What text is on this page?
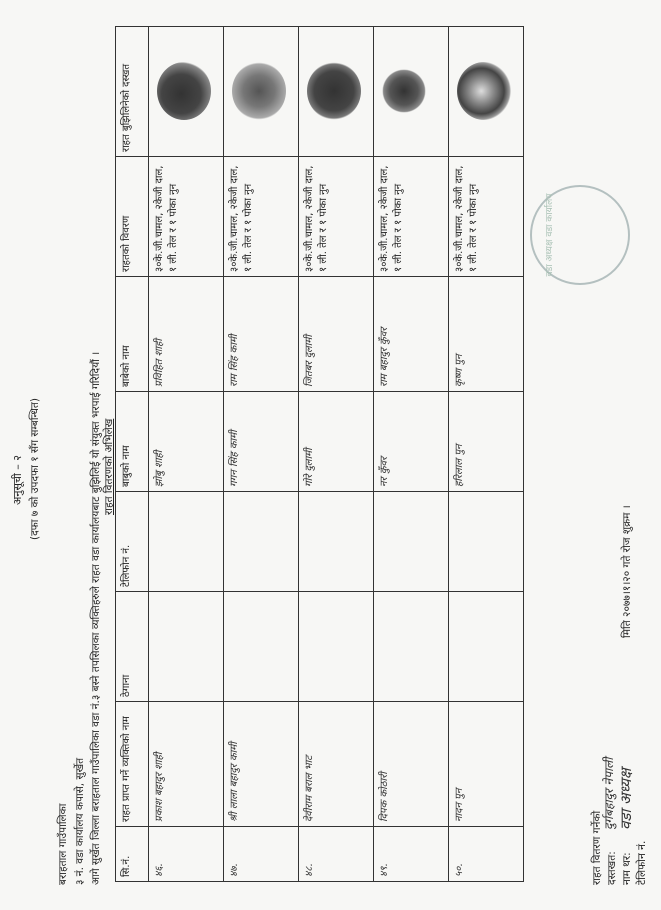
अनुसूची – २ (दफा ७ को उपदफा १ सँग सम्बन्धित)
बराहताल गाउँपालिका ३ नं. वडा कार्यालय कपासे, सुर्खेत आगे सुर्खेत जिल्ला बराहताल गाउँपालिका वडा नं.३ बस्ने तपसिलका व्यक्तिहरुले राहत वडा कार्यालयबाट बुझिलिई यो संयुक्त भरपाई गरिदियौं । राहत वितरणको अभिलेख
सि.नं.	राहत प्राप्त गर्ने व्यक्तिको नाम	ठेगाना	टेलिफोन नं.	बाबुको नाम	बाबेको नाम	राहतको विवरण	राहत बुझिलिनेको दस्खत
४६.	प्रकाश बहादुर शाही			झोबु शाही	प्रविहित शाही	३०के.जी.चामल, २केजी दाल, १ ली. तेल र १ पोका नुन	

४७.	श्री लाला बहादुर कामी			गगन सिंह कामी	राम सिंह कामी	३०के.जी.चामल, २केजी दाल, १ ली. तेल र १ पोका नुन	

४८.	देवीराम बराल भाट			गोरे दुलामी	जितबर दुलामी	३०के.जी.चामल, २केजी दाल, १ ली. तेल र १ पोका नुन	

४९.	दिपक कोठारी			नर कुँवर	राम बहादुर कुँवर	३०के.जी.चामल, २केजी दाल, १ ली. तेल र १ पोका नुन	

५०.	नादन पुन			हरिलाल पुन	कृष्ण पुन	३०के.जी.चामल, २केजी दाल, १ ली. तेल र १ पोका नुन	
राहत वितरण गर्नेको दस्तखत:
दुर्गबहादुर नेपाली
नाम थर:
वडा अध्यक्ष
टेलिफोन नं.
मिति २०७७।१।२० गते रोज शुक्रम ।
वडा अध्यक्ष वडा कार्यालय
